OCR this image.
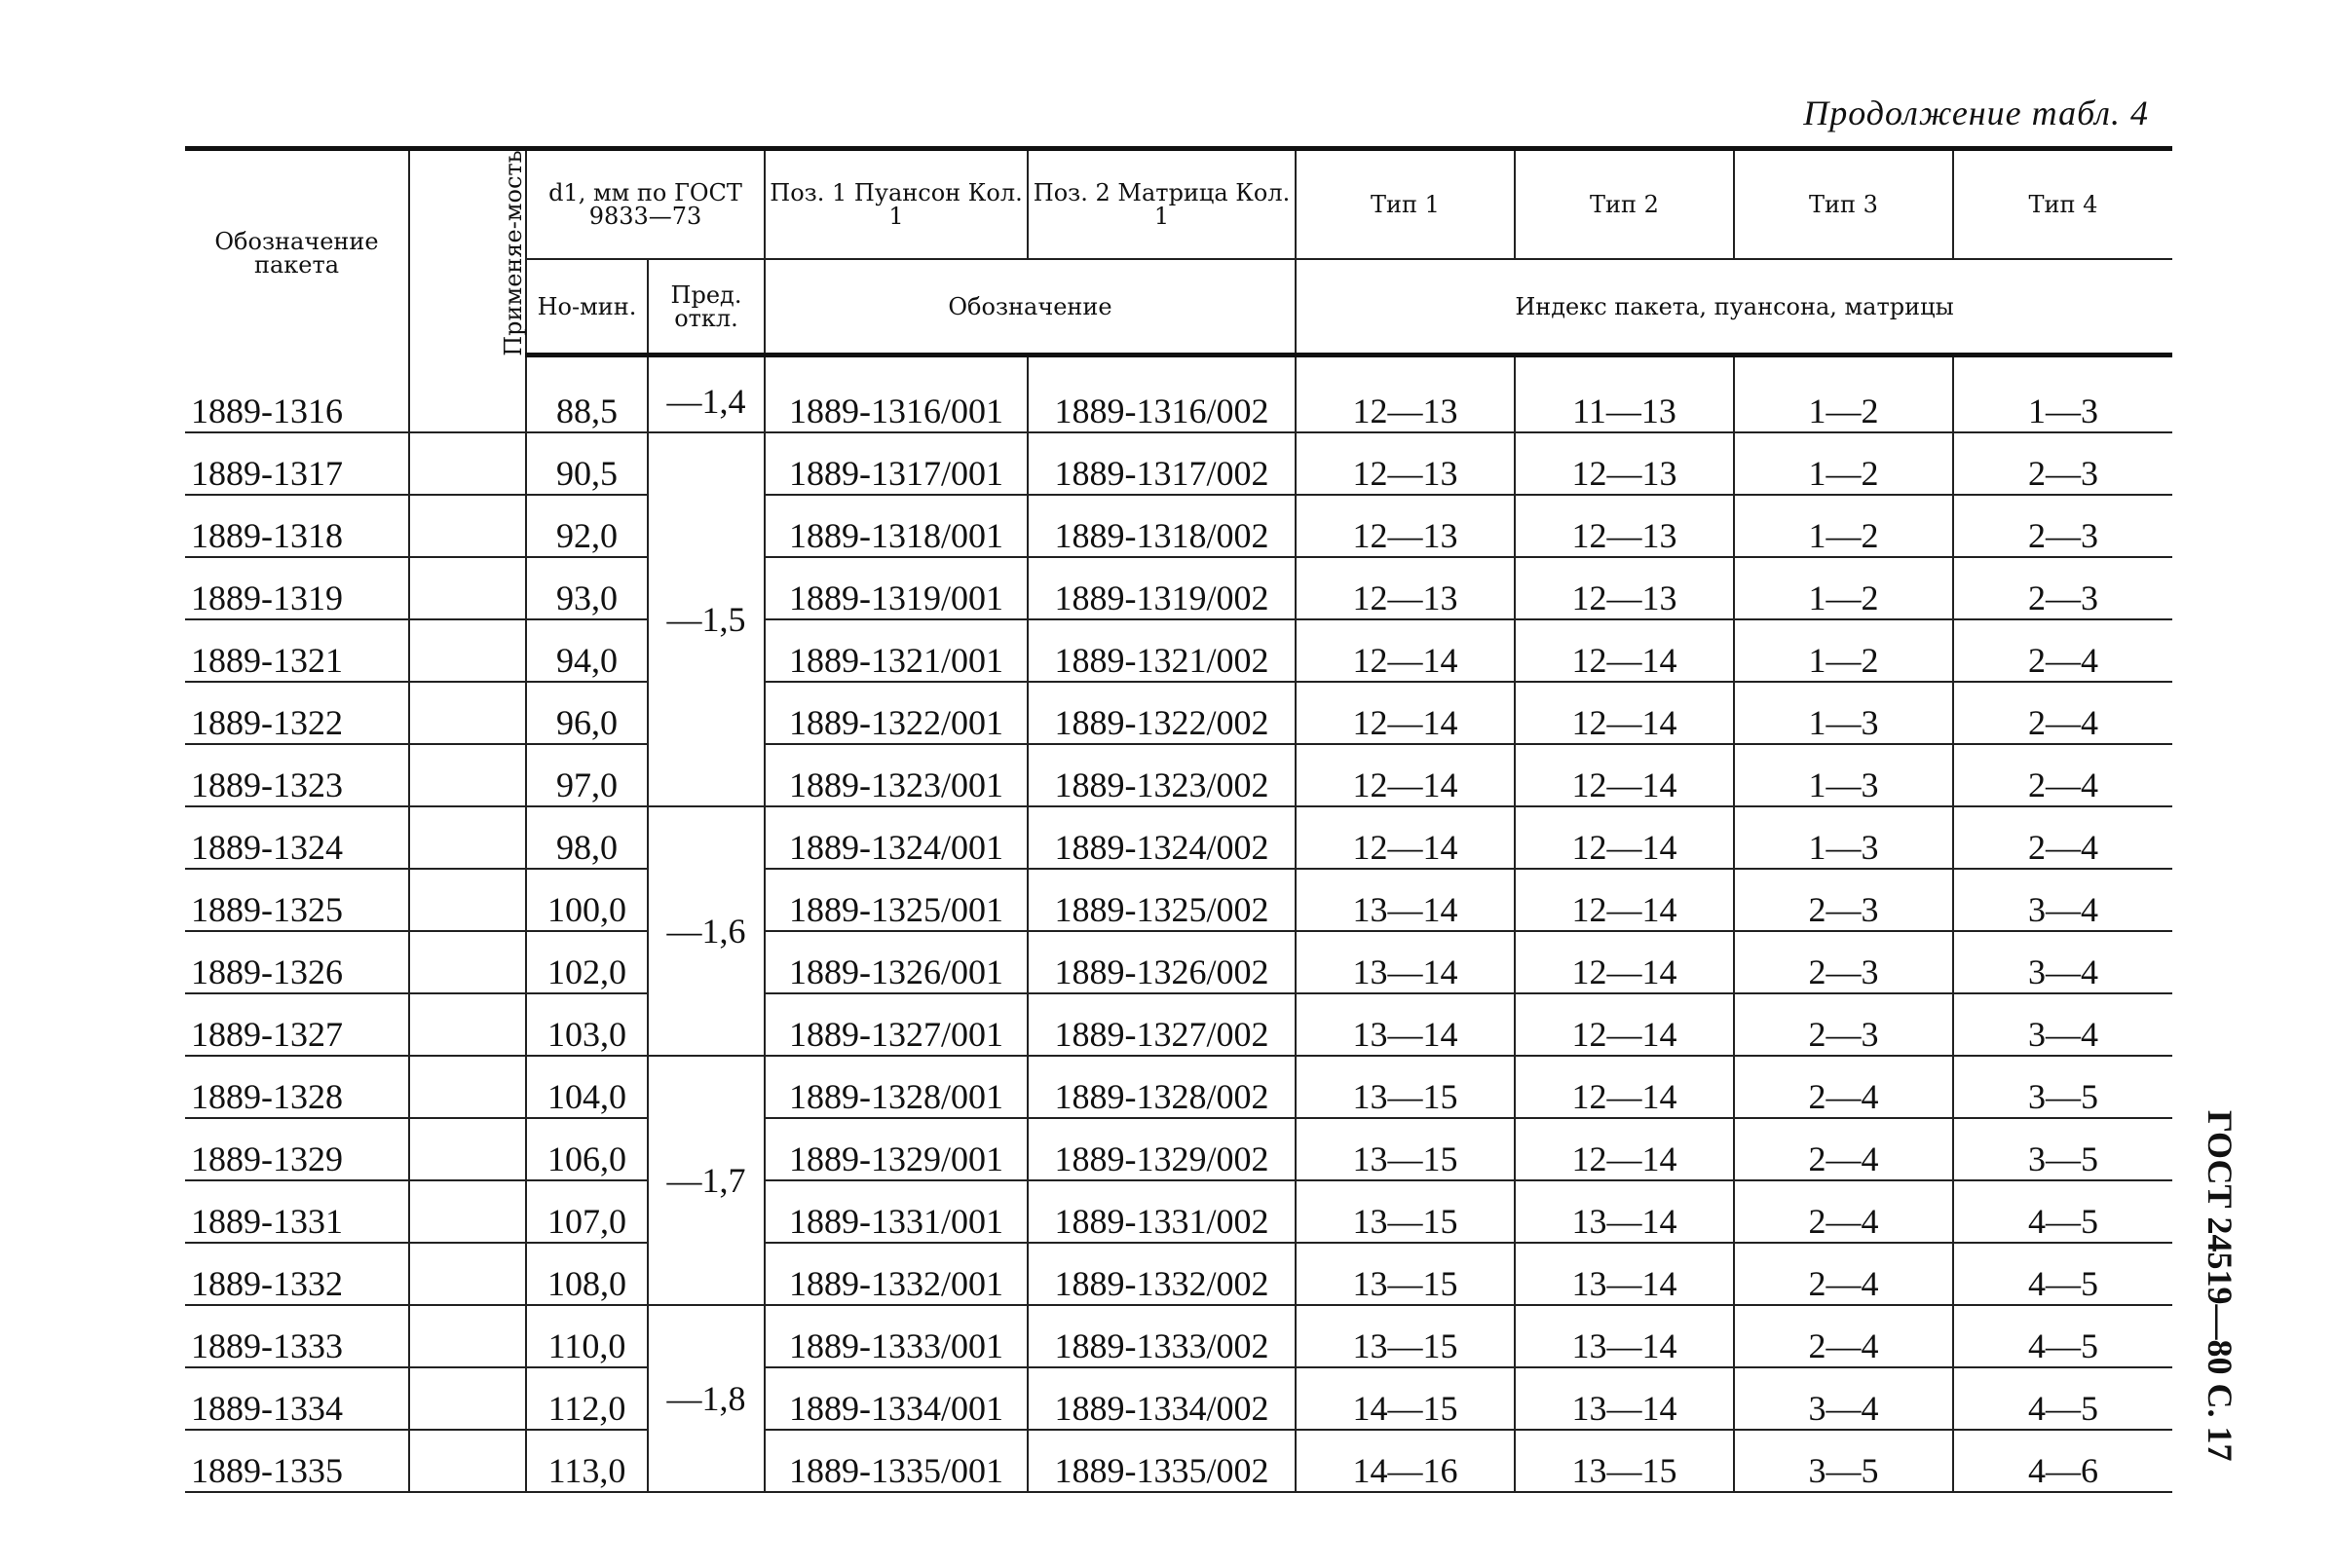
Продолжение табл. 4
ГОСТ 24519—80 С. 17
Обозначение пакета	Применяе-мость	d1, мм по ГОСТ 9833—73		Поз. 1 Пуансон Кол. 1	Поз. 2 Матрица Кол. 1	Тип 1	Тип 2	Тип 3	Тип 4
		Но-мин.	Пред. откл.	Обозначение		Индекс пакета, пуансона, матрицы			
1889-1316		88,5	—1,4	1889-1316/001	1889-1316/002	12—13	11—13	1—2	1—3
1889-1317		90,5	—1,5	1889-1317/001	1889-1317/002	12—13	12—13	1—2	2—3
1889-1318		92,0		1889-1318/001	1889-1318/002	12—13	12—13	1—2	2—3
1889-1319		93,0		1889-1319/001	1889-1319/002	12—13	12—13	1—2	2—3
1889-1321		94,0		1889-1321/001	1889-1321/002	12—14	12—14	1—2	2—4
1889-1322		96,0		1889-1322/001	1889-1322/002	12—14	12—14	1—3	2—4
1889-1323		97,0		1889-1323/001	1889-1323/002	12—14	12—14	1—3	2—4
1889-1324		98,0	—1,6	1889-1324/001	1889-1324/002	12—14	12—14	1—3	2—4
1889-1325		100,0		1889-1325/001	1889-1325/002	13—14	12—14	2—3	3—4
1889-1326		102,0		1889-1326/001	1889-1326/002	13—14	12—14	2—3	3—4
1889-1327		103,0		1889-1327/001	1889-1327/002	13—14	12—14	2—3	3—4
1889-1328		104,0	—1,7	1889-1328/001	1889-1328/002	13—15	12—14	2—4	3—5
1889-1329		106,0		1889-1329/001	1889-1329/002	13—15	12—14	2—4	3—5
1889-1331		107,0		1889-1331/001	1889-1331/002	13—15	13—14	2—4	4—5
1889-1332		108,0		1889-1332/001	1889-1332/002	13—15	13—14	2—4	4—5
1889-1333		110,0	—1,8	1889-1333/001	1889-1333/002	13—15	13—14	2—4	4—5
1889-1334		112,0		1889-1334/001	1889-1334/002	14—15	13—14	3—4	4—5
1889-1335		113,0		1889-1335/001	1889-1335/002	14—16	13—15	3—5	4—6
